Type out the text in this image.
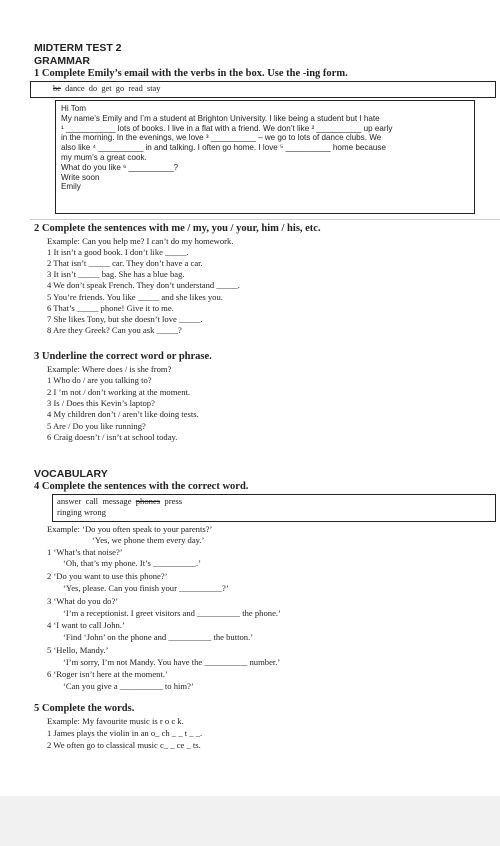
MIDTERM TEST 2
GRAMMAR
1 Complete Emily’s email with the verbs in the box. Use the -ing form.
be  dance  do  get  go  read  stay

Hi Tom

My name’s Emily and I’m a student at Brighton University. I like being a student but I hate

¹ ___________ lots of books. I live in a flat with a friend. We don’t like ² __________ up early

in the morning. In the evenings, we love ³ __________ – we go to lots of dance clubs. We

also like ⁴ __________ in and talking. I often go home. I love ⁵ __________ home because

my mum’s a great cook.

What do you like ⁶ __________?

Write soon

Emily

2 Complete the sentences with me / my, you / your, him / his, etc.
Example: Can you help me? I can’t do my homework.
1 It isn’t a good book. I don’t like _____.
2 That isn’t _____ car. They don’t have a car.
3 It isn’t _____ bag. She has a blue bag.
4 We don’t speak French. They don’t understand _____.
5 You’re friends. You like _____ and she likes you.
6 That’s _____ phone! Give it to me.
7 She likes Tony, but she doesn’t love _____.
8 Are they Greek? Can you ask _____?
3 Underline the correct word or phrase.
Example: Where does / is she from?
1 Who do / are you talking to?
2 I ’m not / don’t working at the moment.
3 Is / Does this Kevin’s laptop?
4 My children don’t / aren’t like doing tests.
5 Are / Do you like running?
6 Craig doesn’t / isn’t at school today.
VOCABULARY
4 Complete the sentences with the correct word.
answer  call  message  phones  press
ringing wrong
Example: ‘Do you often speak to your parents?’
‘Yes, we phone them every day.’
1 ‘What’s that noise?’
‘Oh, that’s my phone. It’s __________.’
2 ‘Do you want to use this phone?’
‘Yes, please. Can you finish your __________?’
3 ‘What do you do?’
‘I’m a receptionist. I greet visitors and __________ the phone.’
4 ‘I want to call John.’
‘Find ‘John’ on the phone and __________ the button.’
5 ‘Hello, Mandy.’
‘I’m sorry, I’m not Mandy. You have the __________ number.’
6 ‘Roger isn’t here at the moment.’
‘Can you give a __________ to him?’
5 Complete the words.
Example: My favourite music is r o c k.
1 James plays the violin in an o_ ch _ _ t _ _.
2 We often go to classical music c_ _ ce _ ts.
